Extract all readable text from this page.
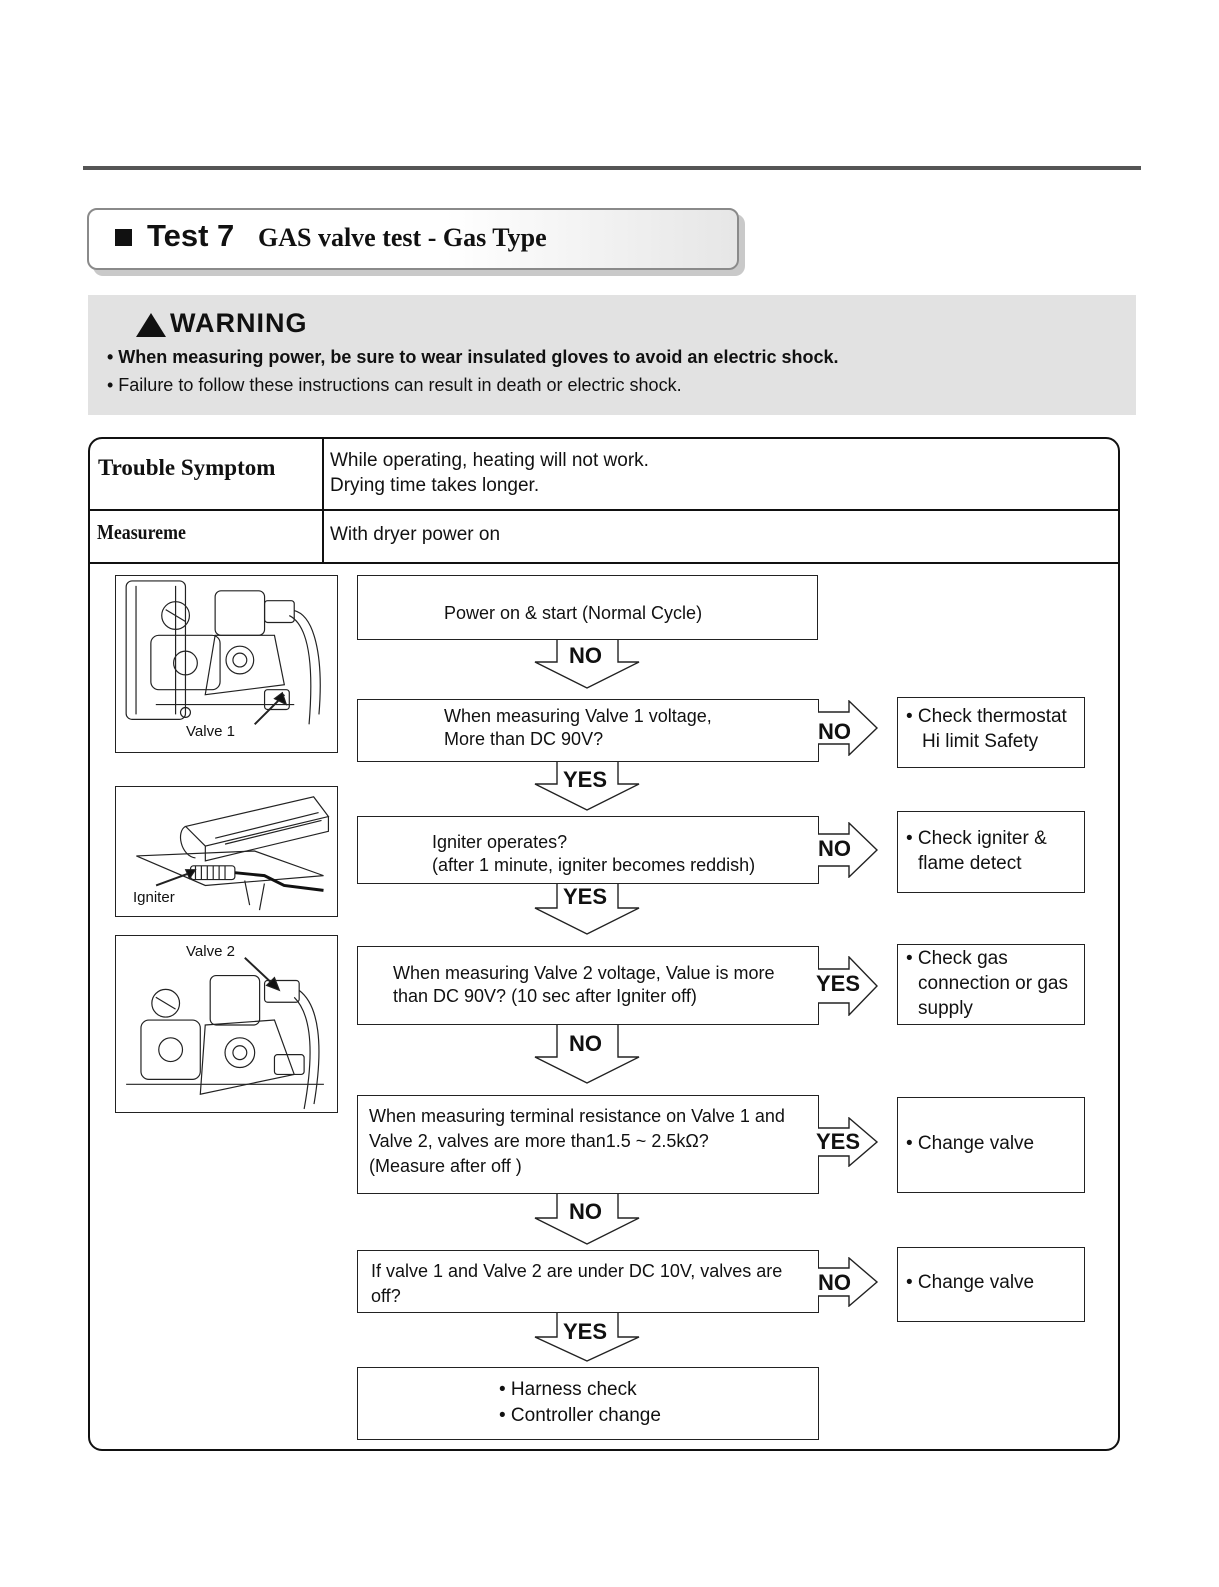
Test 7 GAS valve test - Gas Type
WARNING
• When measuring power, be sure to wear insulated gloves to avoid an electric shock.
• Failure to follow these instructions can result in death or electric shock.
Trouble Symptom	While operating, heating will not work.
Drying time takes longer.
Measureme	With dryer power on
Valve 1
Igniter
Valve 2
Power on & start (Normal Cycle)
When measuring Valve 1 voltage,
More than DC 90V?
Igniter operates?
(after 1 minute, igniter becomes reddish)
When measuring Valve 2 voltage, Value is more
than DC 90V? (10 sec after Igniter off)
When measuring terminal resistance on Valve 1 and
Valve 2, valves are more than1.5 ~ 2.5kΩ?
(Measure after off )
If valve 1 and Valve 2 are under DC 10V, valves are
off?
• Harness check
• Controller change
• Check thermostat
Hi limit Safety
• Check igniter &
flame detect
• Check gas
connection or gas
supply
• Change valve
• Change valve
NO
NO
YES
NO
YES
YES
NO
YES
NO
NO
YES
